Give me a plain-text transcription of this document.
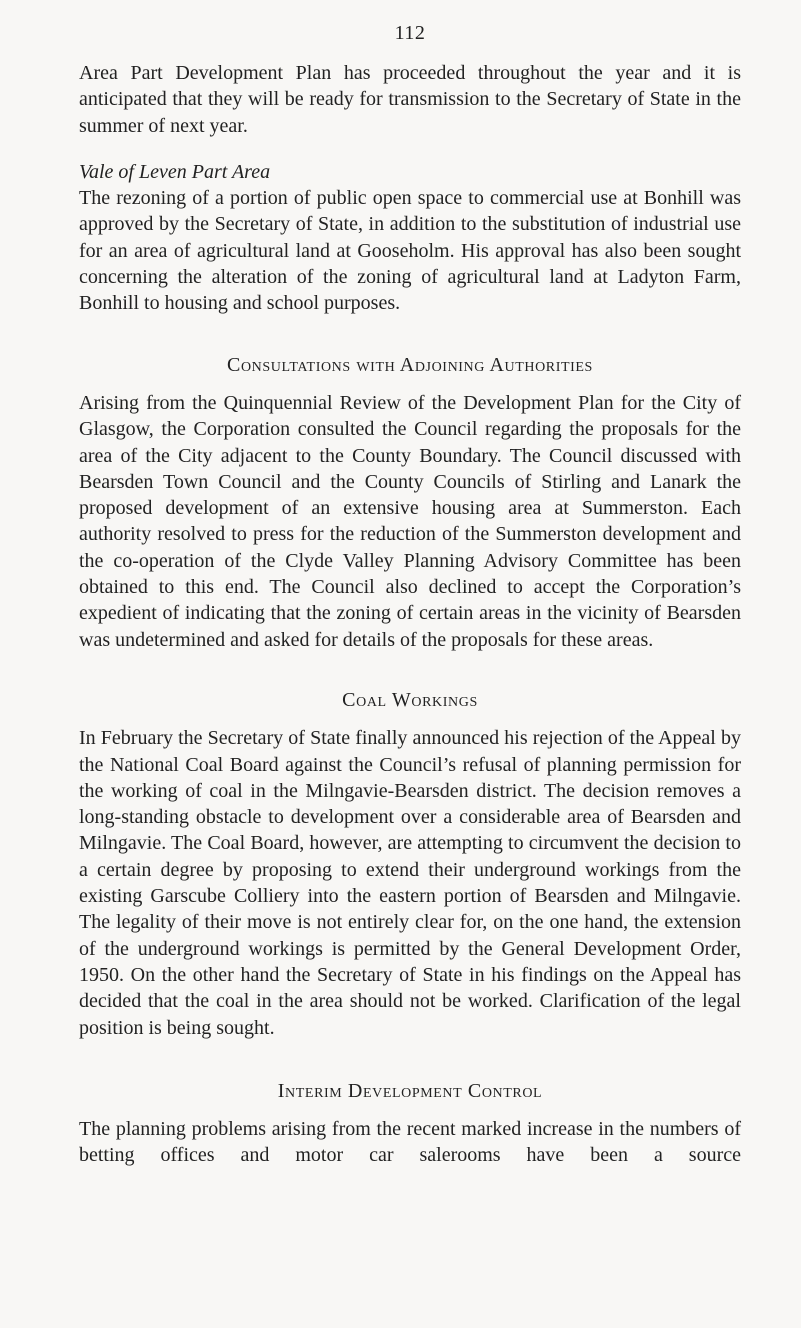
112

Area Part Development Plan has proceeded throughout the year and it is anticipated that they will be ready for transmission to the Secretary of State in the summer of next year.

Vale of Leven Part Area

The rezoning of a portion of public open space to commercial use at Bonhill was approved by the Secretary of State, in addition to the substitution of industrial use for an area of agricultural land at Gooseholm. His approval has also been sought concerning the alteration of the zoning of agricultural land at Ladyton Farm, Bonhill to housing and school purposes.

Consultations with Adjoining Authorities

Arising from the Quinquennial Review of the Development Plan for the City of Glasgow, the Corporation consulted the Council regarding the proposals for the area of the City adjacent to the County Boundary. The Council discussed with Bearsden Town Council and the County Councils of Stirling and Lanark the proposed development of an extensive housing area at Summerston. Each authority resolved to press for the reduction of the Summerston development and the co-operation of the Clyde Valley Planning Advisory Committee has been obtained to this end. The Council also declined to accept the Corporation’s expedient of indicating that the zoning of certain areas in the vicinity of Bearsden was undetermined and asked for details of the proposals for these areas.

Coal Workings

In February the Secretary of State finally announced his rejection of the Appeal by the National Coal Board against the Council’s refusal of planning permission for the working of coal in the Milngavie-Bearsden district. The decision removes a long-standing obstacle to development over a considerable area of Bearsden and Milngavie. The Coal Board, however, are attempting to circumvent the decision to a certain degree by proposing to extend their underground workings from the existing Garscube Colliery into the eastern portion of Bearsden and Milngavie. The legality of their move is not entirely clear for, on the one hand, the extension of the underground workings is permitted by the General Development Order, 1950. On the other hand the Secretary of State in his findings on the Appeal has decided that the coal in the area should not be worked. Clarification of the legal position is being sought.

Interim Development Control

The planning problems arising from the recent marked increase in the numbers of betting offices and motor car salerooms have been a source
